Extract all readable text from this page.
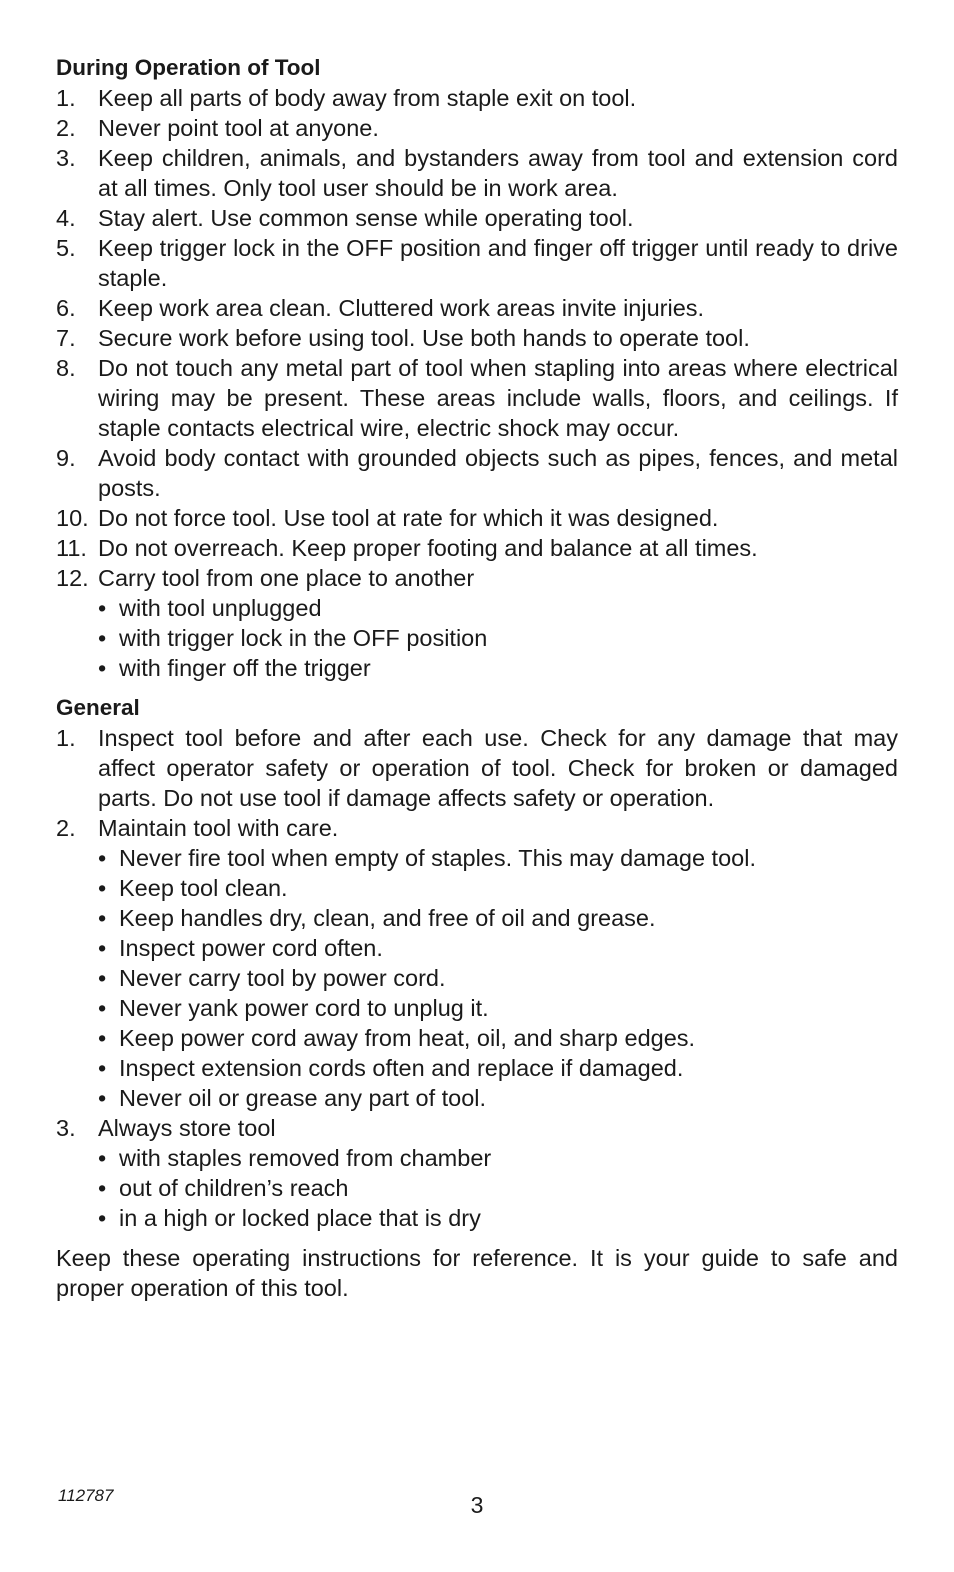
During Operation of Tool
1. Keep all parts of body away from staple exit on tool.
2. Never point tool at anyone.
3. Keep children, animals, and bystanders away from tool and extension cord at all times. Only tool user should be in work area.
4. Stay alert. Use common sense while operating tool.
5. Keep trigger lock in the OFF position and finger off trigger until ready to drive staple.
6. Keep work area clean. Cluttered work areas invite injuries.
7. Secure work before using tool. Use both hands to operate tool.
8. Do not touch any metal part of tool when stapling into areas where electrical wiring may be present. These areas include walls, floors, and ceilings. If staple contacts electrical wire, electric shock may occur.
9. Avoid body contact with grounded objects such as pipes, fences, and metal posts.
10. Do not force tool. Use tool at rate for which it was designed.
11. Do not overreach. Keep proper footing and balance at all times.
12. Carry tool from one place to another
• with tool unplugged
• with trigger lock in the OFF position
• with finger off the trigger
General
1. Inspect tool before and after each use. Check for any damage that may affect operator safety or operation of tool. Check for broken or damaged parts. Do not use tool if damage affects safety or operation.
2. Maintain tool with care.
• Never fire tool when empty of staples. This may damage tool.
• Keep tool clean.
• Keep handles dry, clean, and free of oil and grease.
• Inspect power cord often.
• Never carry tool by power cord.
• Never yank power cord to unplug it.
• Keep power cord away from heat, oil, and sharp edges.
• Inspect extension cords often and replace if damaged.
• Never oil or grease any part of tool.
3. Always store tool
• with staples removed from chamber
• out of children’s reach
• in a high or locked place that is dry
Keep these operating instructions for reference. It is your guide to safe and proper operation of this tool.
112787	3
